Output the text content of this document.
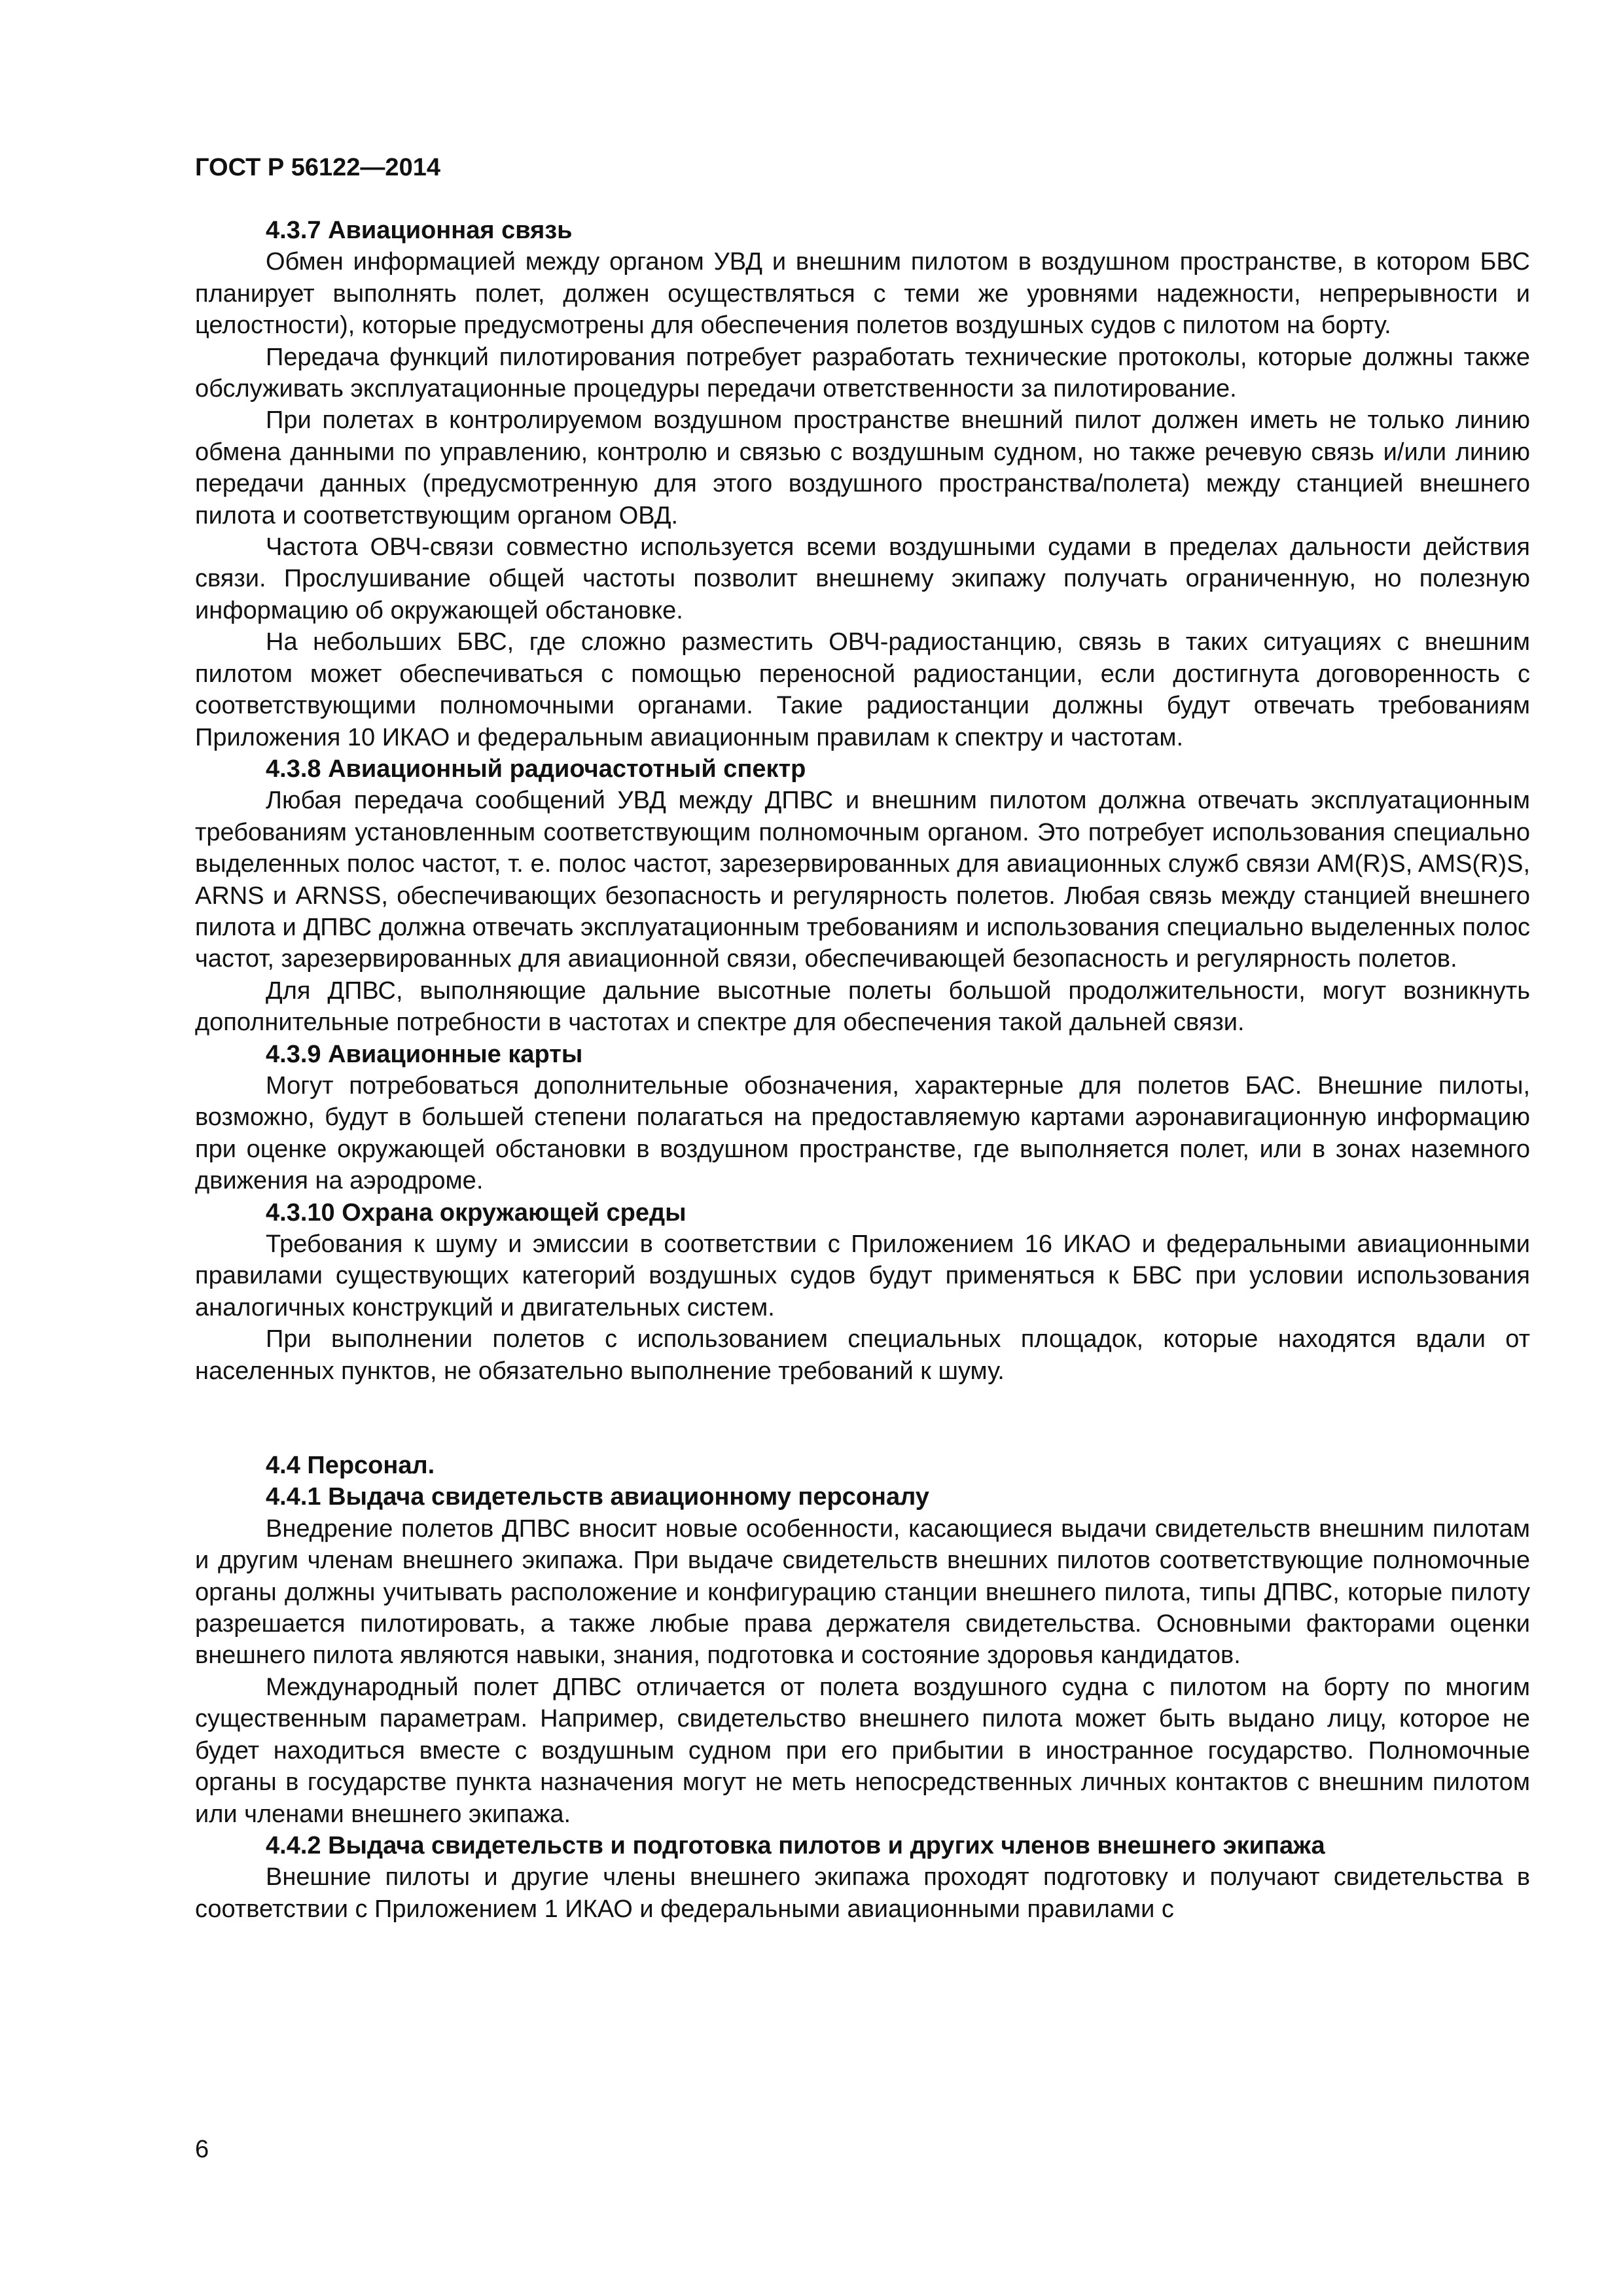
ГОСТ Р 56122—2014
4.3.7 Авиационная связь

Обмен информацией между органом УВД и внешним пилотом в воздушном пространстве, в котором БВС планирует выполнять полет, должен осуществляться с теми же уровнями надежности, непрерывности и целостности), которые предусмотрены для обеспечения полетов воздушных судов с пилотом на борту.

Передача функций пилотирования потребует разработать технические протоколы, которые должны также обслуживать эксплуатационные процедуры передачи ответственности за пилотирование.

При полетах в контролируемом воздушном пространстве внешний пилот должен иметь не только линию обмена данными по управлению, контролю и связью с воздушным судном, но также речевую связь и/или линию передачи данных (предусмотренную для этого воздушного пространства/полета) между станцией внешнего пилота и соответствующим органом ОВД.

Частота ОВЧ-связи совместно используется всеми воздушными судами в пределах дальности действия связи. Прослушивание общей частоты позволит внешнему экипажу получать ограниченную, но полезную информацию об окружающей обстановке.

На небольших БВС, где сложно разместить ОВЧ-радиостанцию, связь в таких ситуациях с внешним пилотом может обеспечиваться с помощью переносной радиостанции, если достигнута договоренность с соответствующими полномочными органами. Такие радиостанции должны будут отвечать требованиям Приложения 10 ИКАО и федеральным авиационным правилам к спектру и частотам.

4.3.8 Авиационный радиочастотный спектр

Любая передача сообщений УВД между ДПВС и внешним пилотом должна отвечать эксплуатационным требованиям установленным соответствующим полномочным органом. Это потребует использования специально выделенных полос частот, т. е. полос частот, зарезервированных для авиационных служб связи AM(R)S, AMS(R)S, ARNS и ARNSS, обеспечивающих безопасность и регулярность полетов. Любая связь между станцией внешнего пилота и ДПВС должна отвечать эксплуатационным требованиям и использования специально выделенных полос частот, зарезервированных для авиационной связи, обеспечивающей безопасность и регулярность полетов.

Для ДПВС, выполняющие дальние высотные полеты большой продолжительности, могут возникнуть дополнительные потребности в частотах и спектре для обеспечения такой дальней связи.

4.3.9 Авиационные карты

Могут потребоваться дополнительные обозначения, характерные для полетов БАС. Внешние пилоты, возможно, будут в большей степени полагаться на предоставляемую картами аэронавигационную информацию при оценке окружающей обстановки в воздушном пространстве, где выполняется полет, или в зонах наземного движения на аэродроме.

4.3.10 Охрана окружающей среды

Требования к шуму и эмиссии в соответствии с Приложением 16 ИКАО и федеральными авиационными правилами существующих категорий воздушных судов будут применяться к БВС при условии использования аналогичных конструкций и двигательных систем.

При выполнении полетов с использованием специальных площадок, которые находятся вдали от населенных пунктов, не обязательно выполнение требований к шуму.

4.4 Персонал.
4.4.1 Выдача свидетельств авиационному персоналу

Внедрение полетов ДПВС вносит новые особенности, касающиеся выдачи свидетельств внешним пилотам и другим членам внешнего экипажа. При выдаче свидетельств внешних пилотов соответствующие полномочные органы должны учитывать расположение и конфигурацию станции внешнего пилота, типы ДПВС, которые пилоту разрешается пилотировать, а также любые права держателя свидетельства. Основными факторами оценки внешнего пилота являются навыки, знания, подготовка и состояние здоровья кандидатов.

Международный полет ДПВС отличается от полета воздушного судна с пилотом на борту по многим существенным параметрам. Например, свидетельство внешнего пилота может быть выдано лицу, которое не будет находиться вместе с воздушным судном при его прибытии в иностранное государство. Полномочные органы в государстве пункта назначения могут не меть непосредственных личных контактов с внешним пилотом или членами внешнего экипажа.

4.4.2 Выдача свидетельств и подготовка пилотов и других членов внешнего экипажа

Внешние пилоты и другие члены внешнего экипажа проходят подготовку и получают свидетельства в соответствии с Приложением 1 ИКАО и федеральными авиационными правилами с

6
